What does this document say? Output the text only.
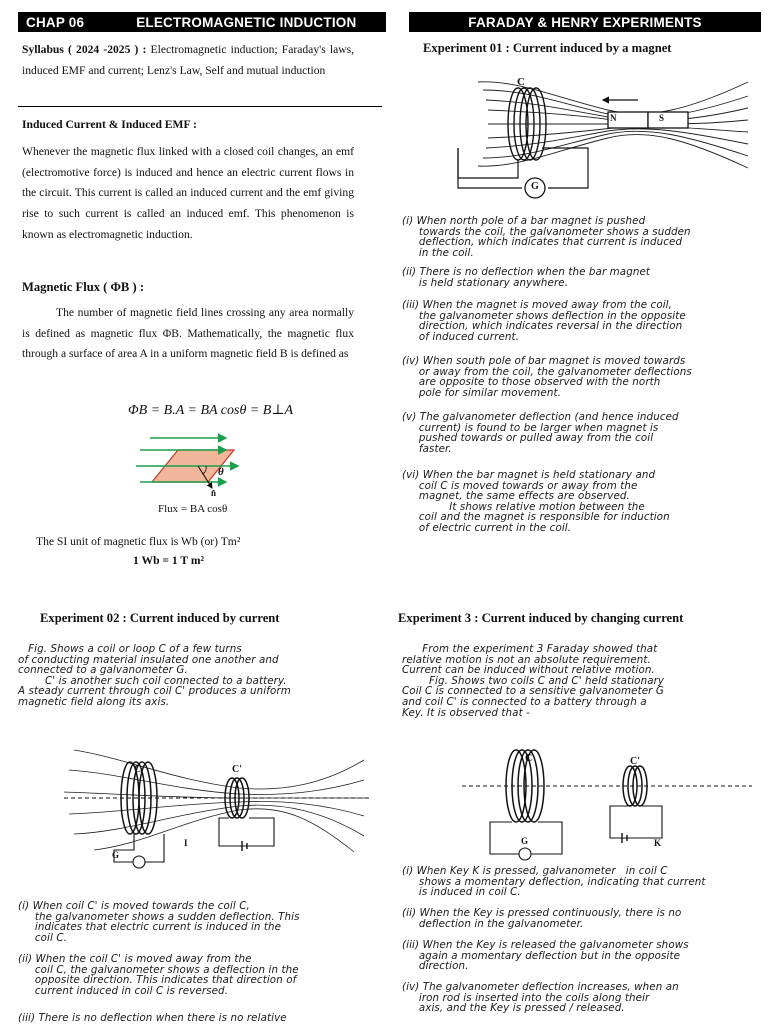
CHAP 06	ELECTROMAGNETIC INDUCTION	FARADAY & HENRY EXPERIMENTS
Syllabus ( 2024 -2025 ) : Electromagnetic induction; Faraday's laws, induced EMF and current; Lenz's Law, Self and mutual induction
Induced Current & Induced EMF :
Whenever the magnetic flux linked with a closed coil changes, an emf (electromotive force) is induced and hence an electric current flows in the circuit. This current is called an induced current and the emf giving rise to such current is called an induced emf. This phenomenon is known as electromagnetic induction.
Magnetic Flux ( ΦB ) :
The number of magnetic field lines crossing any area normally is defined as magnetic flux ΦB. Mathematically, the magnetic flux through a surface of area A in a uniform magnetic field B is defined as
ΦB = B.A = BA cosθ = B⊥A
θ
n̂
Flux = BA cosθ
The SI unit of magnetic flux is Wb (or) Tm²
1 Wb = 1 T m²
Experiment 01 : Current induced by a magnet
C
N	S
G
(i) When north pole of a bar magnet is pushed
towards the coil, the galvanometer shows a sudden
deflection, which indicates that current is induced
in the coil.
(ii) There is no deflection when the bar magnet
is held stationary anywhere.
(iii) When the magnet is moved away from the coil,
the galvanometer shows deflection in the opposite
direction, which indicates reversal in the direction
of induced current.
(iv) When south pole of bar magnet is moved towards
or away from the coil, the galvanometer deflections
are opposite to those observed with the north
pole for similar movement.
(v) The galvanometer deflection (and hence induced
current) is found to be larger when magnet is
pushed towards or pulled away from the coil
faster.
(vi) When the bar magnet is held stationary and
coil C is moved towards or away from the
magnet, the same effects are observed.
It shows relative motion between the
coil and the magnet is responsible for induction
of electric current in the coil.
Experiment 02 : Current induced by current
Fig. Shows a coil or loop C of a few turns
of conducting material insulated one another and
connected to a galvanometer G.
C' is another such coil connected to a battery.
A steady current through coil C' produces a uniform
magnetic field along its axis.
C	C'
G
I
(i) When coil C' is moved towards the coil C,
the galvanometer shows a sudden deflection. This
indicates that electric current is induced in the
coil C.
(ii) When the coil C' is moved away from the
coil C, the galvanometer shows a deflection in the
opposite direction. This indicates that direction of
current induced in coil C is reversed.
(iii) There is no deflection when there is no relative
Experiment 3 : Current induced by changing current
From the experiment 3 Faraday showed that
relative motion is not an absolute requirement.
Current can be induced without relative motion.
Fig. Shows two coils C and C' held stationary
Coil C is connected to a sensitive galvanometer G
and coil C' is connected to a battery through a
Key. It is observed that -
C	C'
G	K
(i) When Key K is pressed, galvanometer   in coil C
shows a momentary deflection, indicating that current
is induced in coil C.
(ii) When the Key is pressed continuously, there is no
deflection in the galvanometer.
(iii) When the Key is released the galvanometer shows
again a momentary deflection but in the opposite
direction.
(iv) The galvanometer deflection increases, when an
iron rod is inserted into the coils along their
axis, and the Key is pressed / released.
